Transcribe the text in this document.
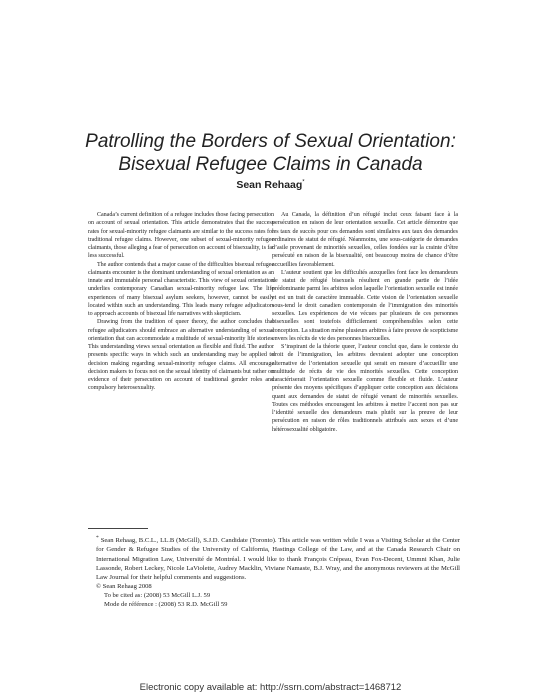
Patrolling the Borders of Sexual Orientation:
Bisexual Refugee Claims in Canada
Sean Rehaag*

Canada’s current definition of a refugee includes those facing persecution on account of sexual orientation. This article demonstrates that the success rates for sexual-minority refugee claimants are similar to the success rates for traditional refugee claims. However, one subset of sexual-minority refugee claimants, those alleging a fear of persecution on account of bisexuality, is far less successful.

The author contends that a major cause of the difficulties bisexual refugee claimants encounter is the dominant understanding of sexual orientation as an innate and immutable personal characteristic. This view of sexual orientation underlies contemporary Canadian sexual-minority refugee law. The life experiences of many bisexual asylum seekers, however, cannot be easily located within such an understanding. This leads many refugee adjudicators to approach accounts of bisexual life narratives with skepticism.

Drawing from the tradition of queer theory, the author concludes that refugee adjudicators should embrace an alternative understanding of sexual orientation that can accommodate a multitude of sexual-minority life stories. This understanding views sexual orientation as flexible and fluid. The author presents specific ways in which such an understanding may be applied to decision making regarding sexual-minority refugee claims. All encourage decision makers to focus not on the sexual identity of claimants but rather on evidence of their persecution on account of traditional gender roles and compulsory heterosexuality.

Au Canada, la définition d’un réfugié inclut ceux faisant face à la persécution en raison de leur orientation sexuelle. Cet article démontre que les taux de succès pour ces demandes sont similaires aux taux des demandes ordinaires de statut de réfugié. Néanmoins, une sous-catégorie de demandes d’asile provenant de minorités sexuelles, celles fondées sur la crainte d’être persécuté en raison de la bisexualité, ont beaucoup moins de chance d’être accueillies favorablement.

L’auteur soutient que les difficultés auxquelles font face les demandeurs de statut de réfugié bisexuels résultent en grande partie de l’idée prédominante parmi les arbitres selon laquelle l’orientation sexuelle est innée et est un trait de caractère immuable. Cette vision de l’orientation sexuelle sous-tend le droit canadien contemporain de l’immigration des minorités sexuelles. Les expériences de vie vécues par plusieurs de ces personnes bisexuelles sont toutefois difficilement compréhensibles selon cette conception. La situation mène plusieurs arbitres à faire preuve de scepticisme envers les récits de vie des personnes bisexuelles.

S’inspirant de la théorie queer, l’auteur conclut que, dans le contexte du droit de l’immigration, les arbitres devraient adopter une conception alternative de l’orientation sexuelle qui serait en mesure d’accueillir une multitude de récits de vie des minorités sexuelles. Cette conception caractériserait l’orientation sexuelle comme flexible et fluide. L’auteur présente des moyens spécifiques d’appliquer cette conception aux décisions quant aux demandes de statut de réfugié venant de minorités sexuelles. Toutes ces méthodes encouragent les arbitres à mettre l’accent non pas sur l’identité sexuelle des demandeurs mais plutôt sur la preuve de leur persécution en raison de rôles traditionnels attribués aux sexes et d’une hétérosexualité obligatoire.

* Sean Rehaag, B.C.L., LL.B (McGill), S.J.D. Candidate (Toronto). This article was written while I was a Visiting Scholar at the Center for Gender & Refugee Studies of the University of California, Hastings College of the Law, and at the Canada Research Chair on International Migration Law, Université de Montréal. I would like to thank François Crépeau, Evan Fox-Decent, Ummni Khan, Julie Lassonde, Robert Leckey, Nicole LaViolette, Audrey Macklin, Viviane Namaste, B.J. Wray, and the anonymous reviewers at the McGill Law Journal for their helpful comments and suggestions.

© Sean Rehaag 2008

To be cited as: (2008) 53 McGill L.J. 59

Mode de référence : (2008) 53 R.D. McGill 59

Electronic copy available at: http://ssrn.com/abstract=1468712
